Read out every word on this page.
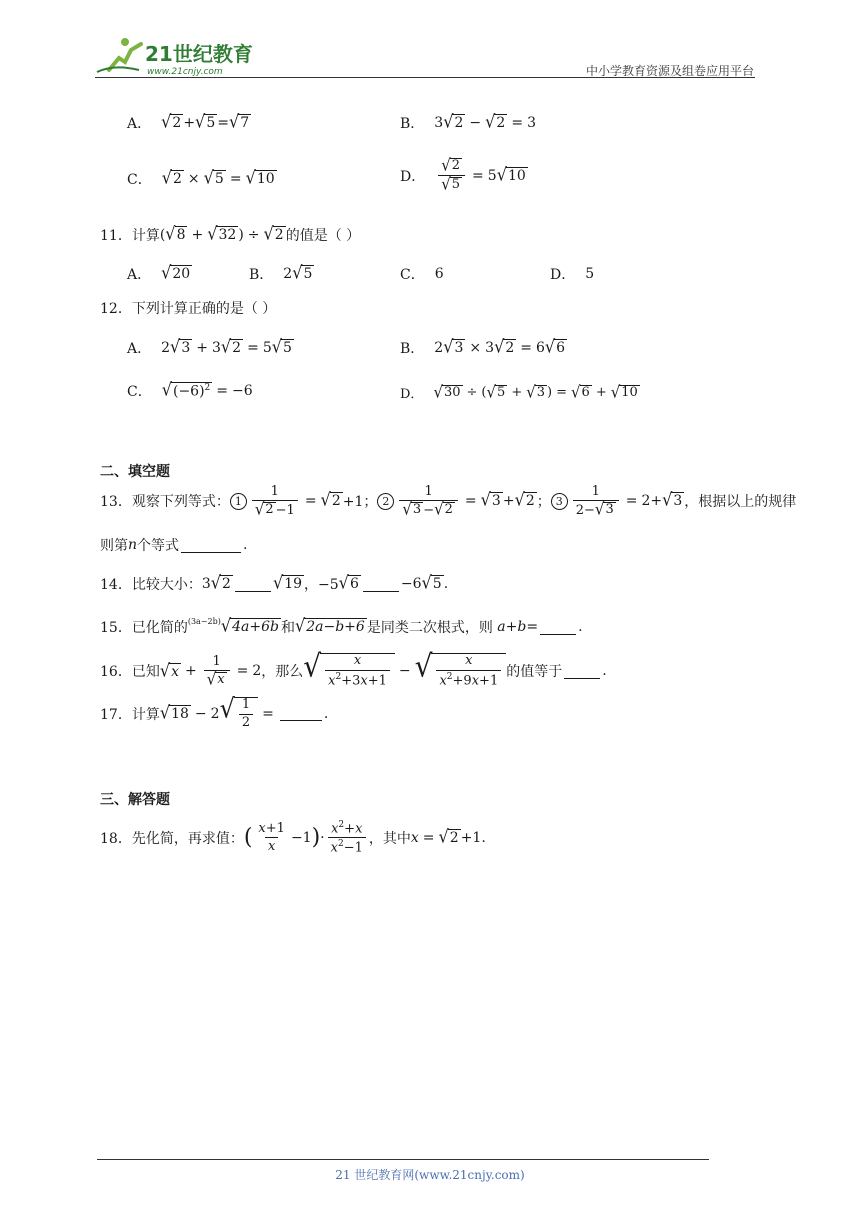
21世纪教育
www.21cnjy.com	中小学教育资源及组卷应用平台
A． √ 2 + √ 5 = √ 7	B． 3 √ 2 − √ 2 = 3
C． √ 2 × √ 5 = √ 10	D． $\frac{√ 2}{√ 5} = 5$ √ 10
11． 计算 ( √ 8 + √ 32 ) ÷ √ 2 的值是（ ）
A． √ 20	B． 2 √ 5	C． 6	D． 5
12． 下列计算正确的是（ ）
A． 2 √ 3 + 3 √ 2 = 5 √ 5	B． 2 √ 3 × 3 √ 2 = 6 √ 6
C． √ $(-6)^2 = -6$	D． √ 30 ÷ ( √ 5 + √ 3 ) = √ 6 + √ 10
二、填空题
13． 观察下列等式： $1 \frac{1}{√ 2 -1}$ = √ 2 +1； $2 \frac{1}{√ 3 - √ 2}$ = √ 3 + √ 2 ； $3 \frac{1}{2- √ 3} = 2+$ √ 3 ，根据以上的规律
则第 n 个等式	.
14． 比较大小： 3 √ 2	√ 19 ，−5 √ 6	−6 √ 5 .
15． 已化简的$^{(3a-2b)}$ √ 4a+6b 和 √ 2a−b+6 是同类二次根式，则
a+b =	.
16． 已知 √ $x + \frac{1}{√ x} = 2$ ，那么 √ $\frac{x}{x^2+3x+1}$ − √ $\frac{x}{x^2+9x+1}$ 的值等于	.
17． 计算 √ 18 − 2 √ $\frac{1}{2}$ =	.
三、解答题
18． 先化简，再求值： ( $\frac{x+1}{x} -1$ ) · $\frac{x^2+x}{x^2-1}$ ，其中 x = √ 2 +1.
21 世纪教育网(www.21cnjy.com)
